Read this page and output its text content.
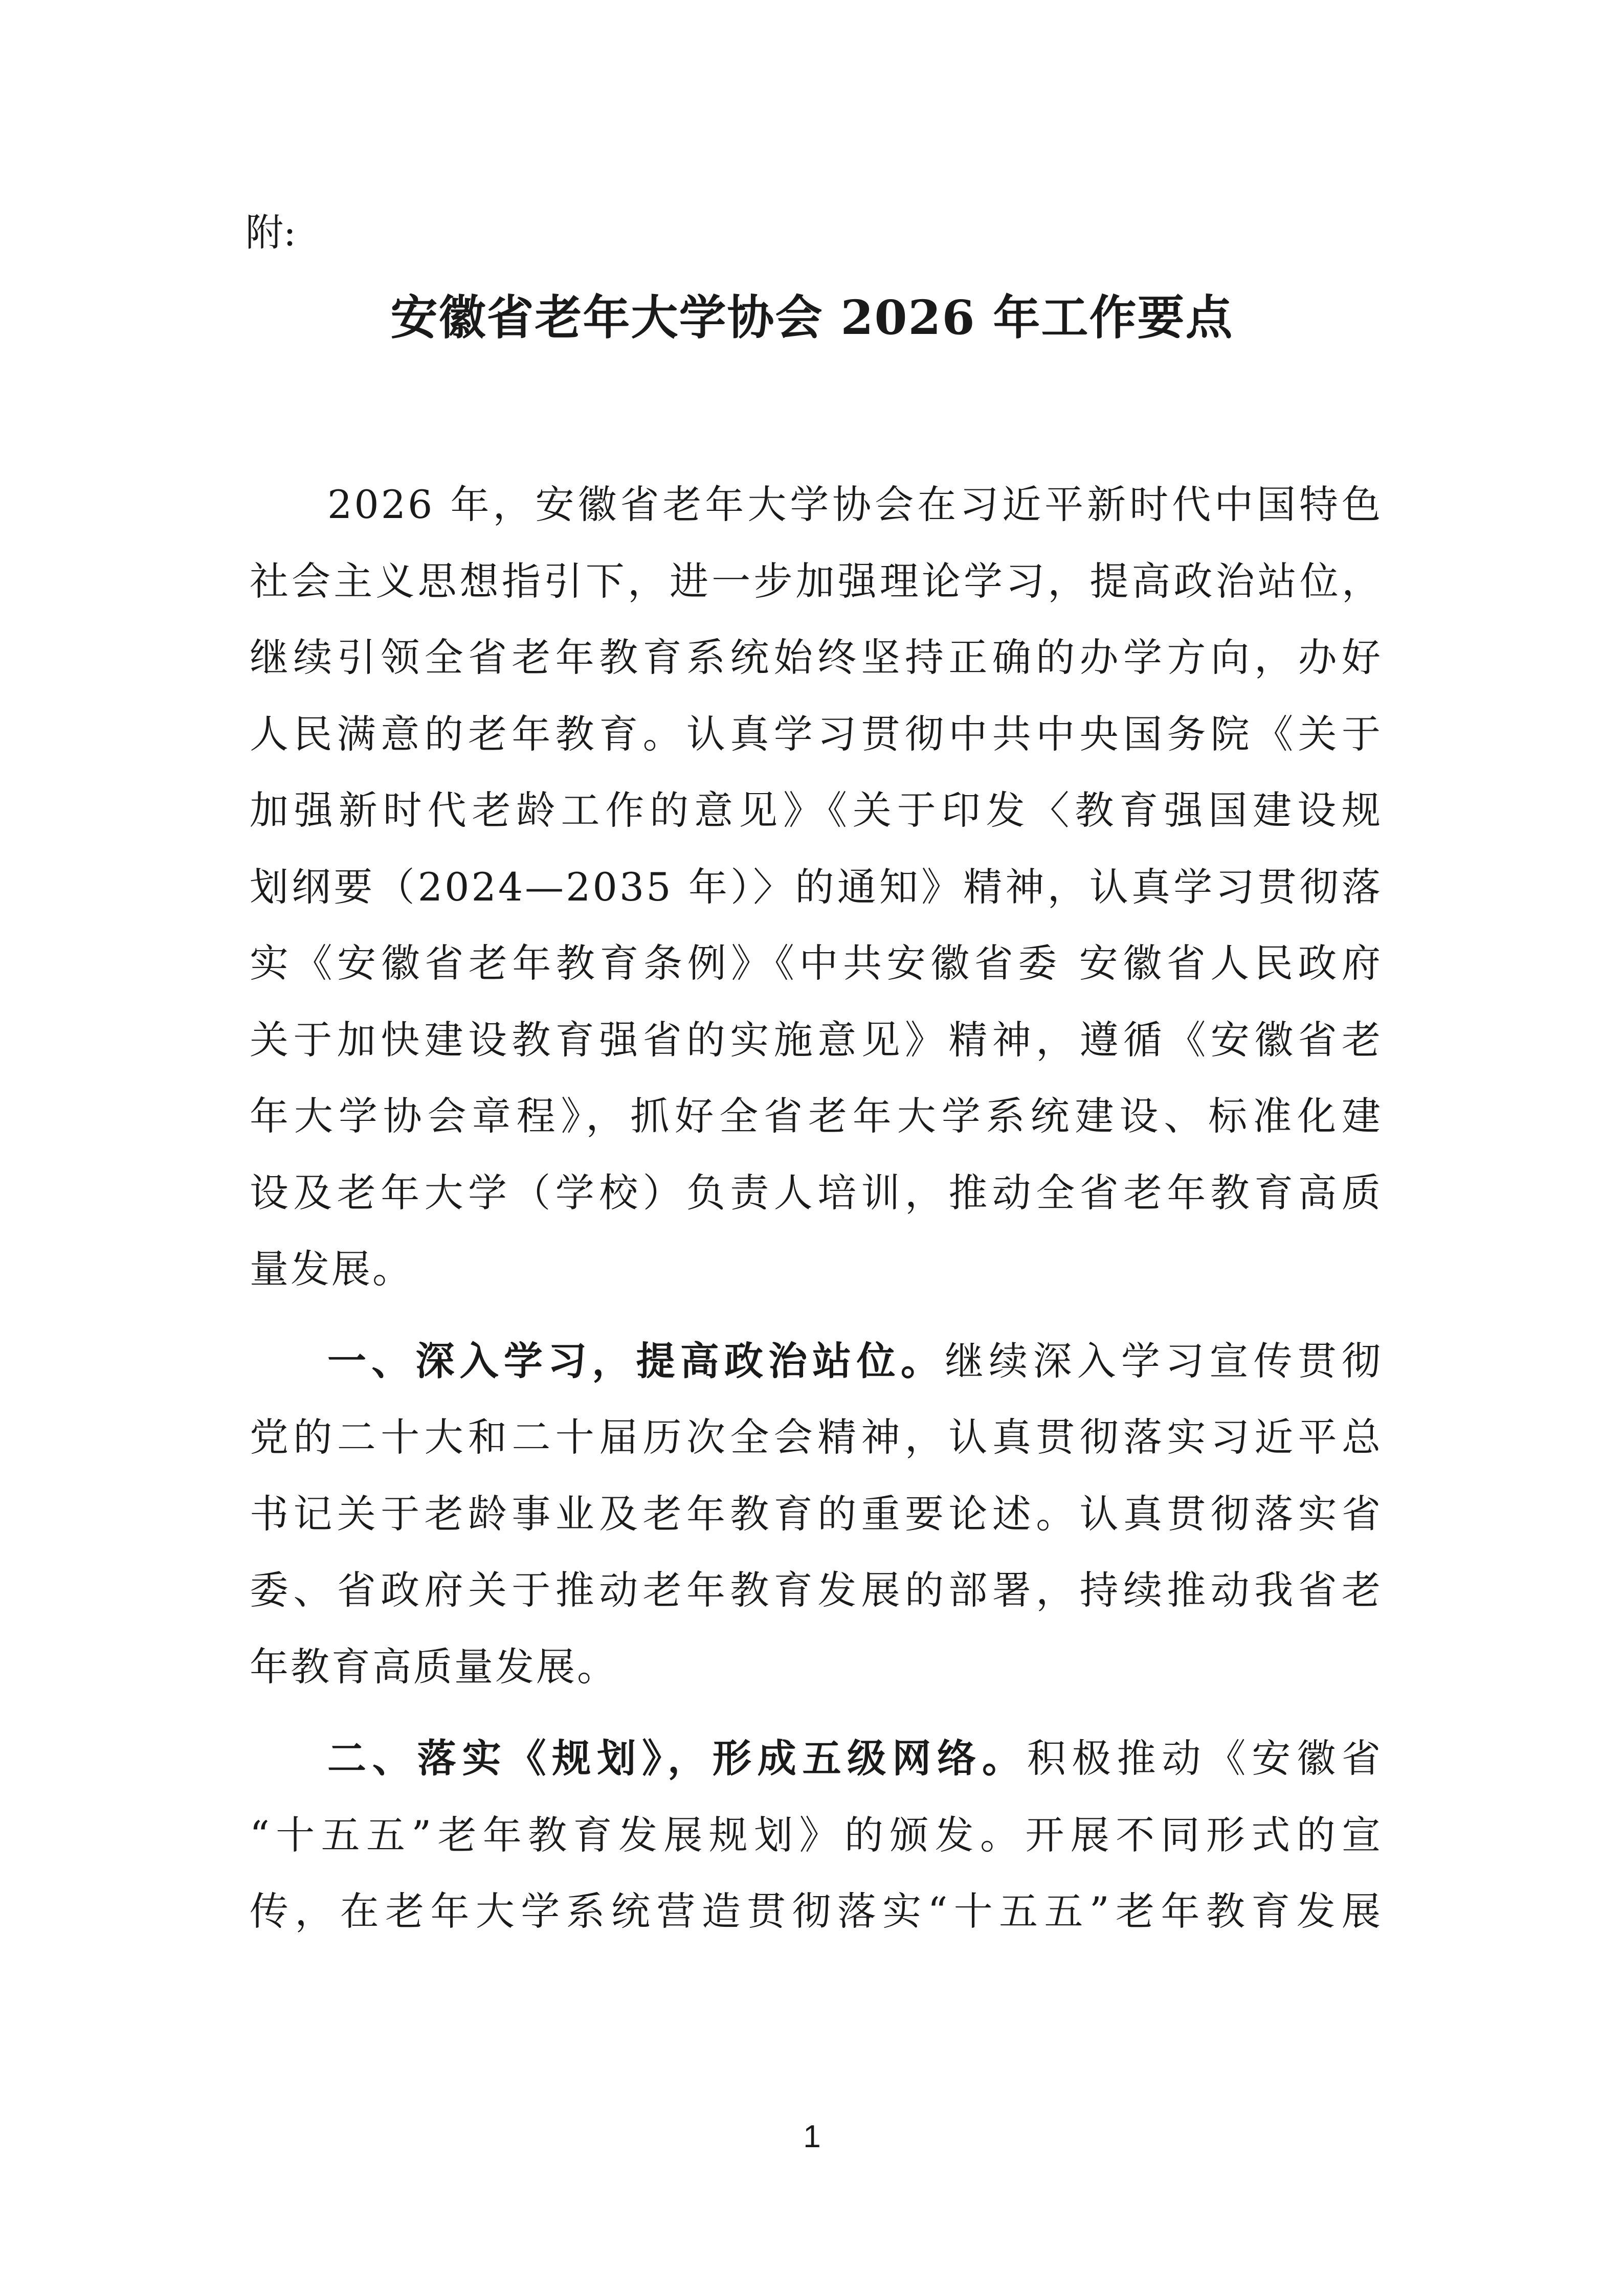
附:
安徽省老年大学协会 2026 年工作要点
2026 年，安徽省老年大学协会在习近平新时代中国特色
社会主义思想指引下，进一步加强理论学习，提高政治站位，
继续引领全省老年教育系统始终坚持正确的办学方向，办好
人民满意的老年教育。认真学习贯彻中共中央国务院《关于
加强新时代老龄工作的意见》《关于印发〈教育强国建设规
划纲要（2024—2035 年）〉的通知》精神，认真学习贯彻落
实《安徽省老年教育条例》《中共安徽省委 安徽省人民政府
关于加快建设教育强省的实施意见》精神，遵循《安徽省老
年大学协会章程》，抓好全省老年大学系统建设、标准化建
设及老年大学（学校）负责人培训，推动全省老年教育高质
量发展。
一、深入学习，提高政治站位。继续深入学习宣传贯彻
党的二十大和二十届历次全会精神，认真贯彻落实习近平总
书记关于老龄事业及老年教育的重要论述。认真贯彻落实省
委、省政府关于推动老年教育发展的部署，持续推动我省老
年教育高质量发展。
二、落实《规划》，形成五级网络。积极推动《安徽省
“十五五”老年教育发展规划》的颁发。开展不同形式的宣
传，在老年大学系统营造贯彻落实“十五五”老年教育发展
1
